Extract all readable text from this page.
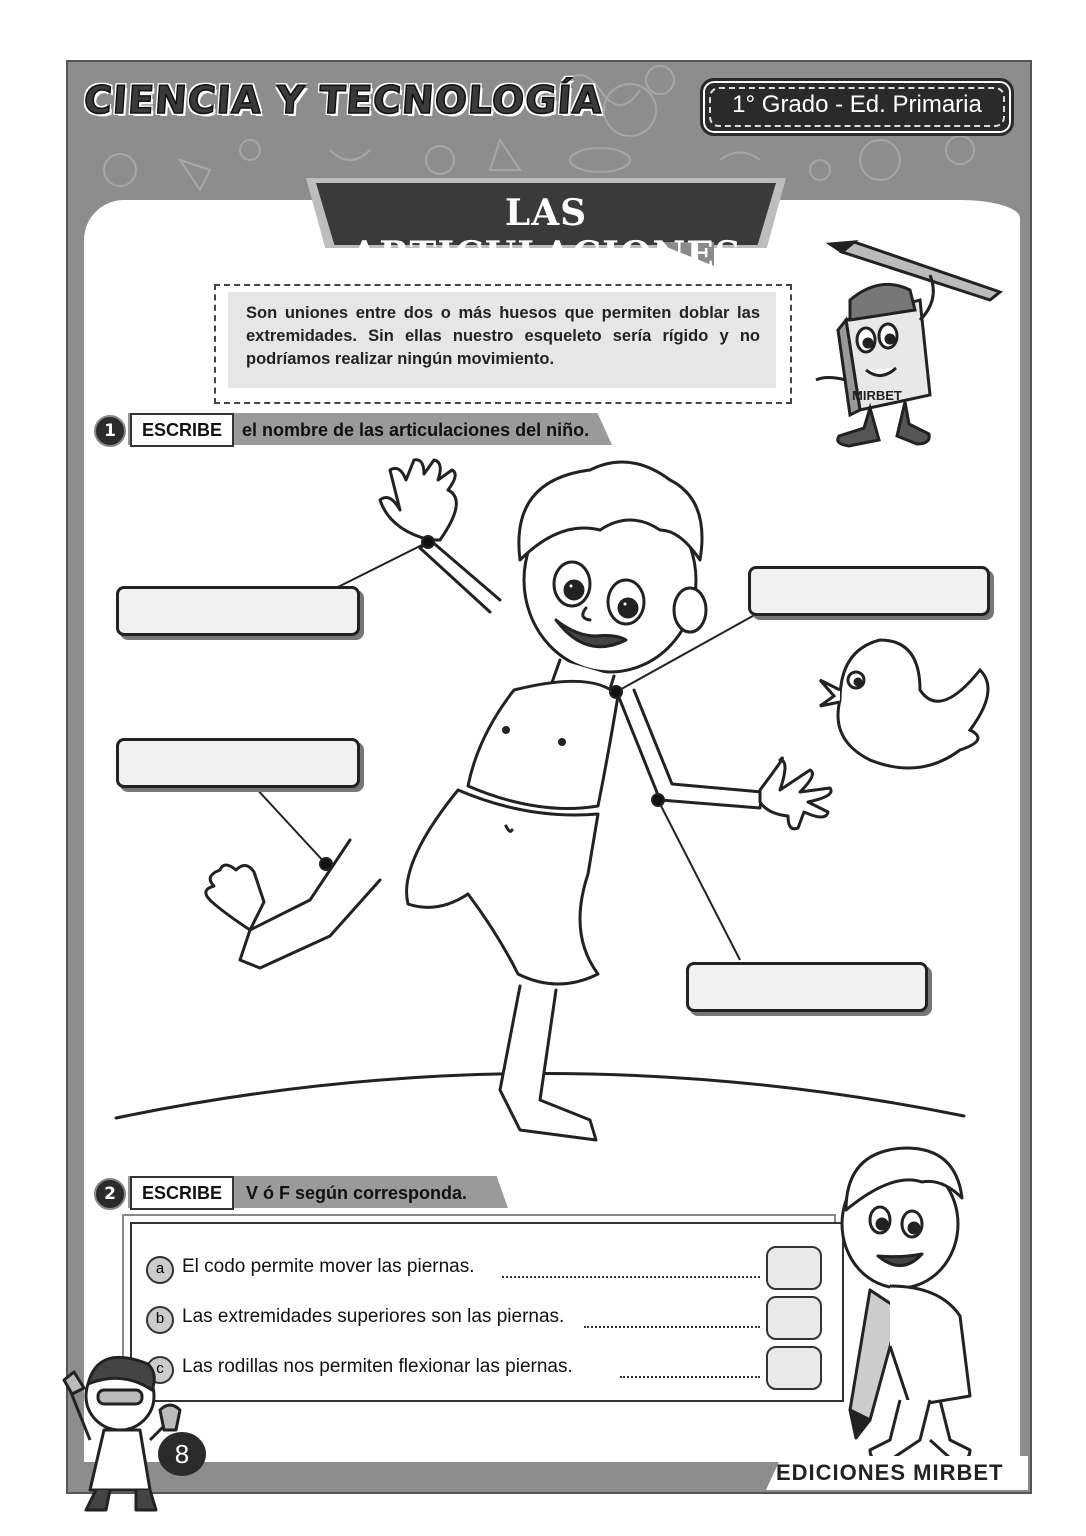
CIENCIA Y TECNOLOGÍA	1° Grado - Ed. Primaria
LAS ARTICULACIONES
Son uniones entre dos o más huesos que permiten doblar las extremidades. Sin ellas nuestro esqueleto sería rígido y no podríamos realizar ningún movimiento.
MIRBET
1	ESCRIBE	el nombre de las articulaciones del niño.
2	ESCRIBE	V ó F según corresponda.
a El codo permite mover las piernas.
b Las extremidades superiores son las piernas.
c Las rodillas nos permiten flexionar las piernas.
8
EDICIONES MIRBET
